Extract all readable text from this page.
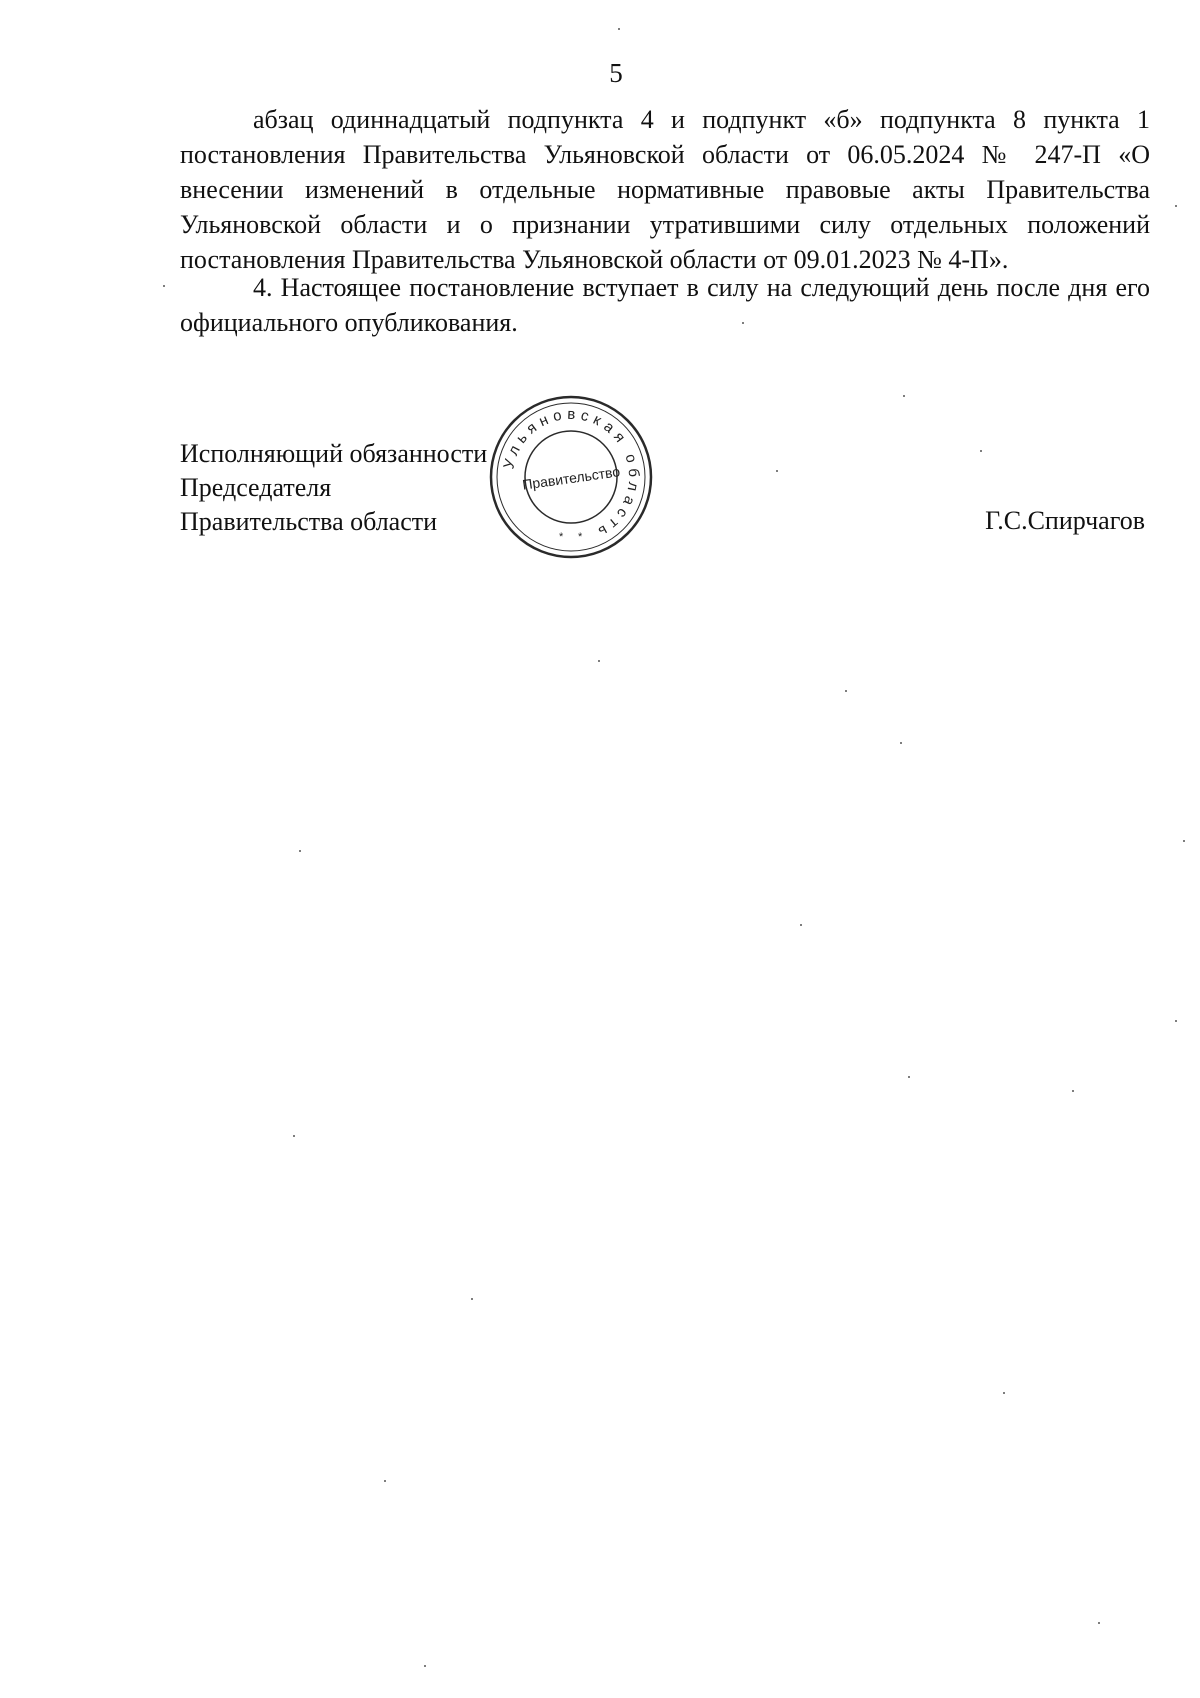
5

абзац одиннадцатый подпункта 4 и подпункт «б» подпункта 8 пункта 1 постановления Правительства Ульяновской области от 06.05.2024 № 247-П «О внесении изменений в отдельные нормативные правовые акты Правительства Ульяновской области и о признании утратившими силу отдельных положений постановления Правительства Ульяновской области от 09.01.2023 № 4-П».

4. Настоящее постановление вступает в силу на следующий день после дня его официального опубликования.

Исполняющий обязанности
Председателя
Правительства области	Г.С.Спирчагов
Ульяновская область
Правительство
* *
